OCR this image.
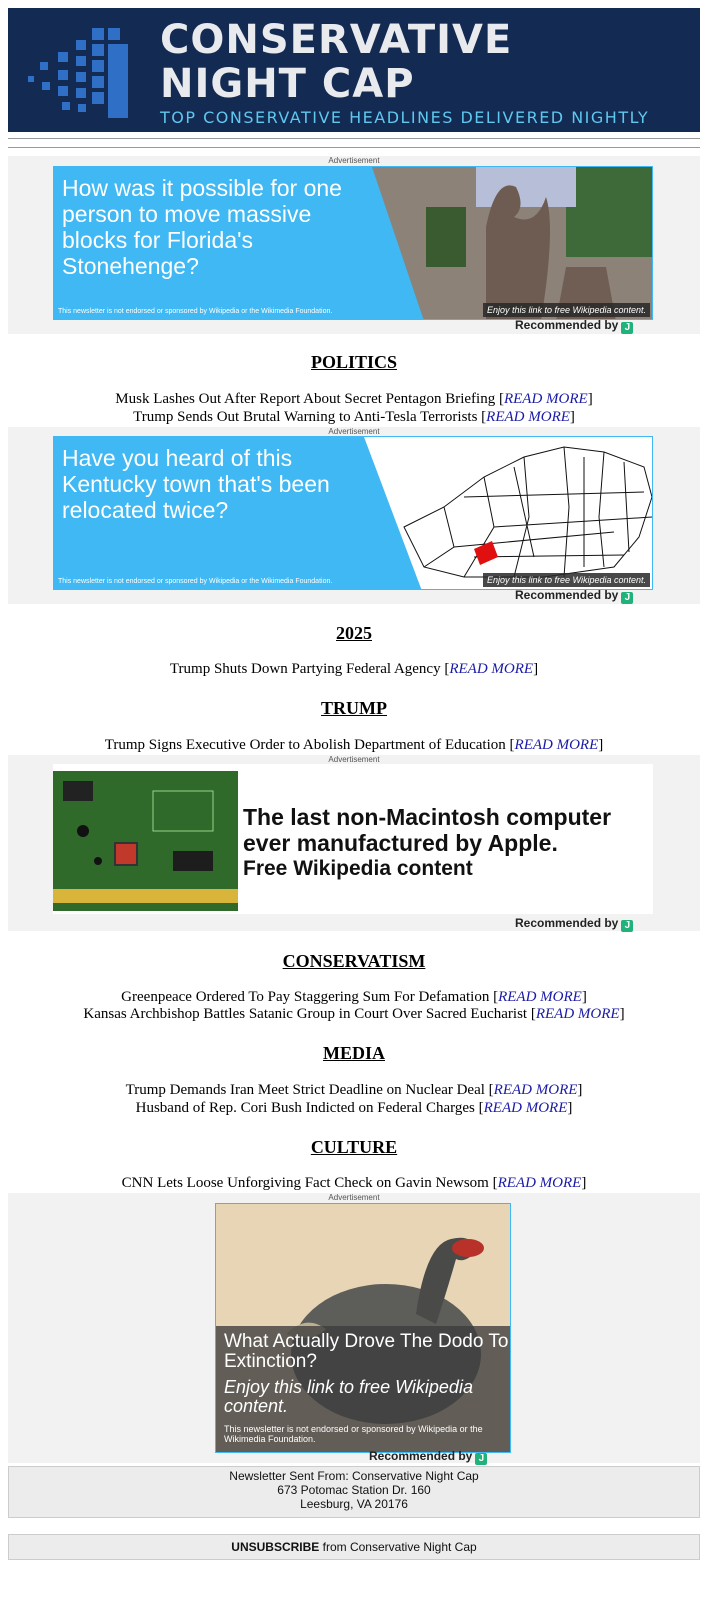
CONSERVATIVE
NIGHT CAP
TOP CONSERVATIVE HEADLINES DELIVERED NIGHTLY
Advertisement
How was it possible for one person to move massive blocks for Florida's Stonehenge?
This newsletter is not endorsed or sponsored by Wikipedia or the Wikimedia Foundation.	Enjoy this link to free Wikipedia content.
Recommended by J
POLITICS
Musk Lashes Out After Report About Secret Pentagon Briefing [READ MORE]
Trump Sends Out Brutal Warning to Anti-Tesla Terrorists [READ MORE]
Advertisement
Have you heard of this Kentucky town that's been relocated twice?
This newsletter is not endorsed or sponsored by Wikipedia or the Wikimedia Foundation.	Enjoy this link to free Wikipedia content.
Recommended by J
2025
Trump Shuts Down Partying Federal Agency [READ MORE]
TRUMP
Trump Signs Executive Order to Abolish Department of Education [READ MORE]
Advertisement
The last non-Macintosh computer
ever manufactured by Apple.
Free Wikipedia content
Recommended by J
CONSERVATISM
Greenpeace Ordered To Pay Staggering Sum For Defamation [READ MORE]
Kansas Archbishop Battles Satanic Group in Court Over Sacred Eucharist [READ MORE]
MEDIA
Trump Demands Iran Meet Strict Deadline on Nuclear Deal [READ MORE]
Husband of Rep. Cori Bush Indicted on Federal Charges [READ MORE]
CULTURE
CNN Lets Loose Unforgiving Fact Check on Gavin Newsom [READ MORE]
Advertisement
What Actually Drove The Dodo To Extinction?
Enjoy this link to free Wikipedia content.
This newsletter is not endorsed or sponsored by Wikipedia or the Wikimedia Foundation.
Recommended by J
Newsletter Sent From: Conservative Night Cap
673 Potomac Station Dr. 160
Leesburg, VA 20176
UNSUBSCRIBE from Conservative Night Cap
